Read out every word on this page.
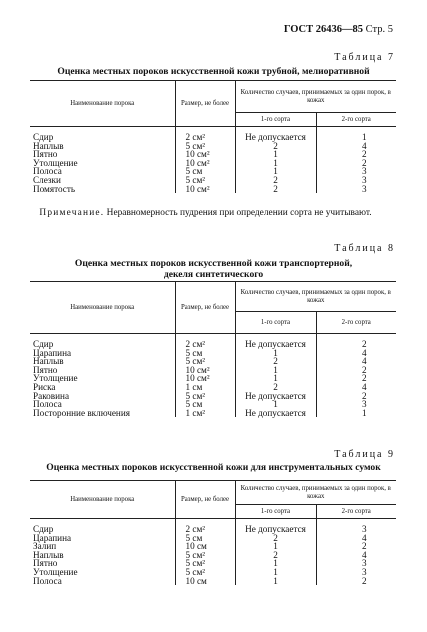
ГОСТ 26436—85 Стр. 5
Таблица 7
Оценка местных пороков искусственной кожи трубной, мелиоративной
Наименование порока	Размер, не более	Количество случаев, принимаемых за один порок, в кожах	
		1-го сорта	2-го сорта
Сдир	2 см²	Не допускается	1
Наплыв	5 см²	2	4
Пятно	10 см²	1	2
Утолщение	10 см²	1	2
Полоса	5 см	1	3
Слезки	5 см²	2	3
Помятость	10 см²	2	3
Таблица 8
Оценка местных пороков искусственной кожи транспортерной,
декеля синтетического
Наименование порока	Размер, не более	Количество случаев, принимаемых за один порок, в кожах	
		1-го сорта	2-го сорта
Сдир	2 см²	Не допускается	2
Царапина	5 см	1	4
Наплыв	5 см²	2	4
Пятно	10 см²	1	2
Утолщение	10 см²	1	2
Риска	1 см	2	4
Раковина	5 см²	Не допускается	2
Полоса	5 см	1	3
Посторонние включения	1 см²	Не допускается	1
Таблица 9
Оценка местных пороков искусственной кожи для инструментальных сумок
Наименование порока	Размер, не более	Количество случаев, принимаемых за один порок, в кожах	
		1-го сорта	2-го сорта
Сдир	2 см²	Не допускается	3
Царапина	5 см	2	4
Залип	10 см	1	2
Наплыв	5 см²	2	4
Пятно	5 см²	1	3
Утолщение	5 см²	1	3
Полоса	10 см	1	2
Примечание. Неравномерность пудрения при определении сорта не учитывают.
